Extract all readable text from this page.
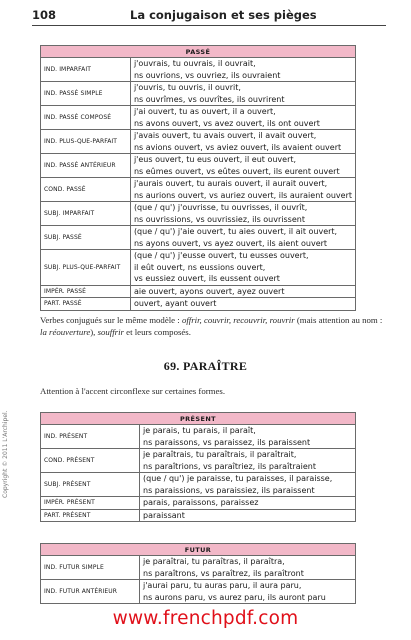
108	La conjugaison et ses pièges
Copyright © 2011 L'Archipel.
PASSÉ	
IND. IMPARFAIT	j'ouvrais, tu ouvrais, il ouvrait,
ns ouvrions, vs ouvriez, ils ouvraient

IND. PASSÉ SIMPLE	j'ouvris, tu ouvris, il ouvrit,
ns ouvrîmes, vs ouvrîtes, ils ouvrirent

IND. PASSÉ COMPOSÉ	j'ai ouvert, tu as ouvert, il a ouvert,
ns avons ouvert, vs avez ouvert, ils ont ouvert

IND. PLUS-QUE-PARFAIT	j'avais ouvert, tu avais ouvert, il avait ouvert,
ns avions ouvert, vs aviez ouvert, ils avaient ouvert

IND. PASSÉ ANTÉRIEUR	j'eus ouvert, tu eus ouvert, il eut ouvert,
ns eûmes ouvert, vs eûtes ouvert, ils eurent ouvert

COND. PASSÉ	j'aurais ouvert, tu aurais ouvert, il aurait ouvert,
ns aurions ouvert, vs auriez ouvert, ils auraient ouvert

SUBJ. IMPARFAIT	(que / qu') j'ouvrisse, tu ouvrisses, il ouvrît,
ns ouvrissions, vs ouvrissiez, ils ouvrissent

SUBJ. PASSÉ	(que / qu') j'aie ouvert, tu aies ouvert, il ait ouvert,
ns ayons ouvert, vs ayez ouvert, ils aient ouvert

SUBJ. PLUS-QUE-PARFAIT	(que / qu') j'eusse ouvert, tu eusses ouvert,
il eût ouvert, ns eussions ouvert,
vs eussiez ouvert, ils eussent ouvert

IMPÉR. PASSÉ	aie ouvert, ayons ouvert, ayez ouvert

PART. PASSÉ	ouvert, ayant ouvert
Verbes conjugués sur le même modèle : offrir, couvrir, recouvrir, rouvrir (mais attention au nom : la réouverture), souffrir et leurs composés.
69. PARAÎTRE
Attention à l'accent circonflexe sur certaines formes.
PRÉSENT	
IND. PRÉSENT	je parais, tu parais, il paraît,
ns paraissons, vs paraissez, ils paraissent

COND. PRÉSENT	je paraîtrais, tu paraîtrais, il paraîtrait,
ns paraîtrions, vs paraîtriez, ils paraîtraient

SUBJ. PRÉSENT	(que / qu') je paraisse, tu paraisses, il paraisse,
ns paraissions, vs paraissiez, ils paraissent

IMPÉR. PRÉSENT	parais, paraissons, paraissez

PART. PRÉSENT	paraissant
FUTUR	
IND. FUTUR SIMPLE	je paraîtrai, tu paraîtras, il paraîtra,
ns paraîtrons, vs paraîtrez, ils paraîtront

IND. FUTUR ANTÉRIEUR	j'aurai paru, tu auras paru, il aura paru,
ns aurons paru, vs aurez paru, ils auront paru
www.frenchpdf.com
